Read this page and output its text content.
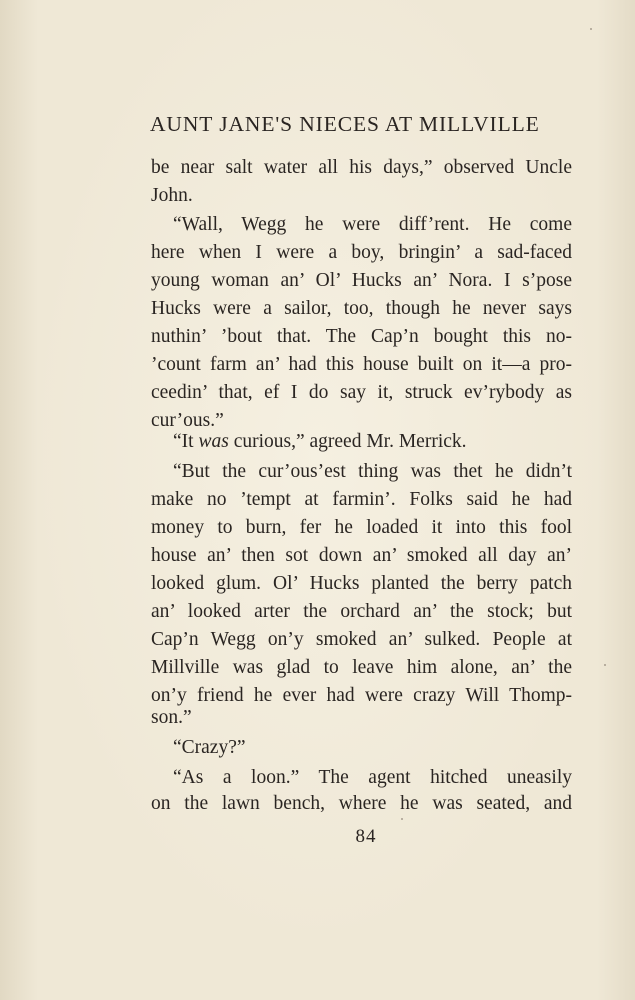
AUNT JANE'S NIECES AT MILLVILLE
be near salt water all his days,” observed Uncle
John.
“Wall, Wegg he were diff’rent. He come
here when I were a boy, bringin’ a sad-faced
young woman an’ Ol’ Hucks an’ Nora. I s’pose
Hucks were a sailor, too, though he never says
nuthin’ ’bout that. The Cap’n bought this no-
’count farm an’ had this house built on it—a pro-
ceedin’ that, ef I do say it, struck ev’rybody as
cur’ous.”
“It was curious,” agreed Mr. Merrick.
“But the cur’ous’est thing was thet he didn’t
make no ’tempt at farmin’. Folks said he had
money to burn, fer he loaded it into this fool
house an’ then sot down an’ smoked all day an’
looked glum. Ol’ Hucks planted the berry patch
an’ looked arter the orchard an’ the stock; but
Cap’n Wegg on’y smoked an’ sulked. People at
Millville was glad to leave him alone, an’ the
on’y friend he ever had were crazy Will Thomp-
son.”
“Crazy?”
“As a loon.” The agent hitched uneasily
on the lawn bench, where he was seated, and
84
